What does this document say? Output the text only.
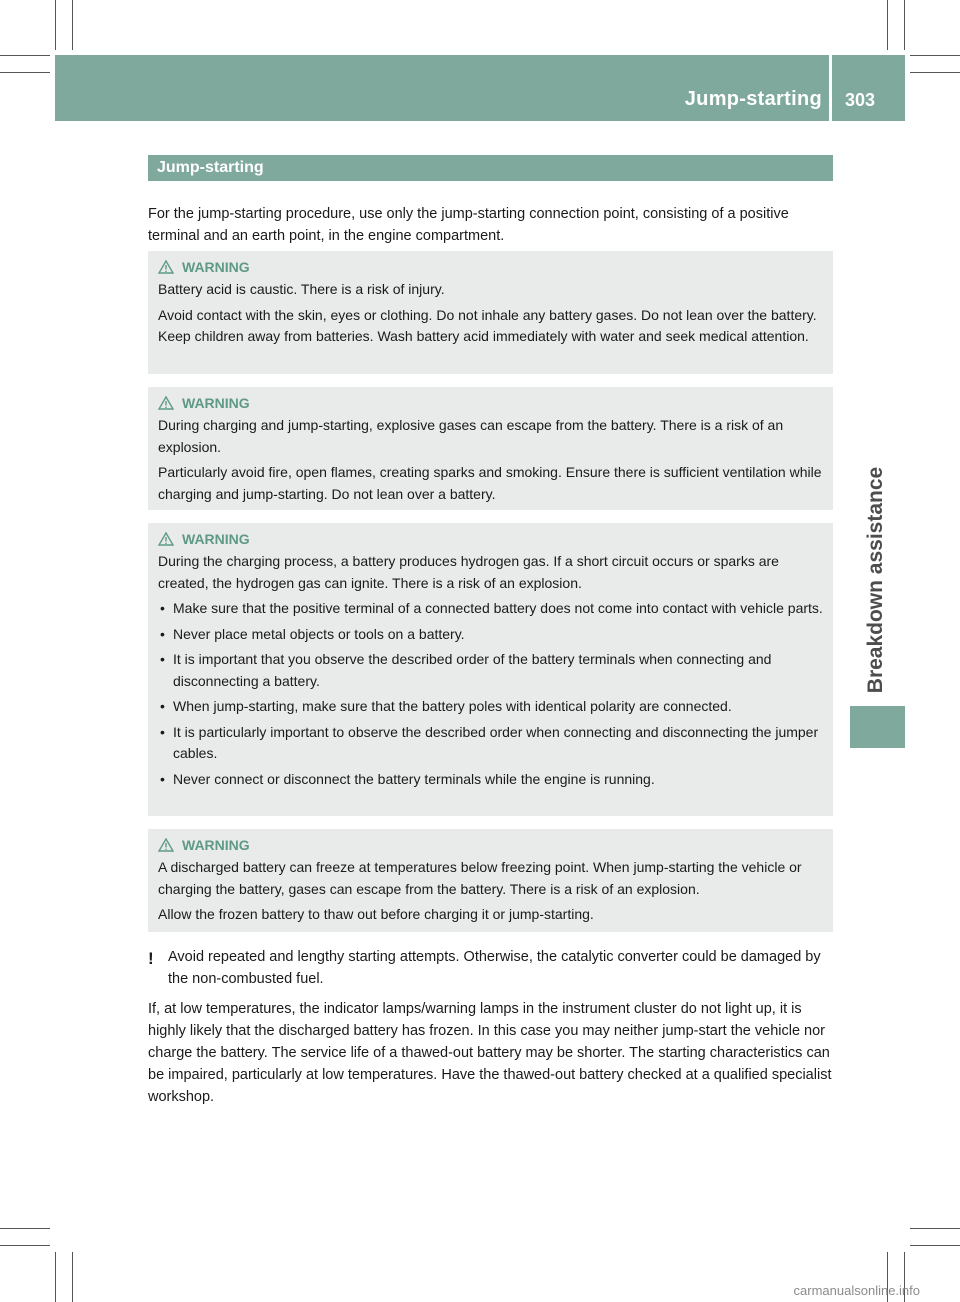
Jump-starting 303
Breakdown assistance
Jump-starting

For the jump-starting procedure, use only the jump-starting connection point, consisting of a positive terminal and an earth point, in the engine compartment.

WARNING

Battery acid is caustic. There is a risk of injury.

Avoid contact with the skin, eyes or clothing. Do not inhale any battery gases. Do not lean over the battery. Keep children away from batteries. Wash battery acid immediately with water and seek medical attention.

WARNING

During charging and jump-starting, explosive gases can escape from the battery. There is a risk of an explosion.

Particularly avoid fire, open flames, creating sparks and smoking. Ensure there is sufficient ventilation while charging and jump-starting. Do not lean over a battery.

WARNING

During the charging process, a battery produces hydrogen gas. If a short circuit occurs or sparks are created, the hydrogen gas can ignite. There is a risk of an explosion.

• Make sure that the positive terminal of a connected battery does not come into contact with vehicle parts.
• Never place metal objects or tools on a battery.
• It is important that you observe the described order of the battery terminals when connecting and disconnecting a battery.
• When jump-starting, make sure that the battery poles with identical polarity are connected.
• It is particularly important to observe the described order when connecting and disconnecting the jumper cables.
• Never connect or disconnect the battery terminals while the engine is running.
WARNING

A discharged battery can freeze at temperatures below freezing point. When jump-starting the vehicle or charging the battery, gases can escape from the battery. There is a risk of an explosion.

Allow the frozen battery to thaw out before charging it or jump-starting.

! Avoid repeated and lengthy starting attempts. Otherwise, the catalytic converter could be damaged by the non-combusted fuel.

If, at low temperatures, the indicator lamps/warning lamps in the instrument cluster do not light up, it is highly likely that the discharged battery has frozen. In this case you may neither jump-start the vehicle nor charge the battery. The service life of a thawed-out battery may be shorter. The starting characteristics can be impaired, particularly at low temperatures. Have the thawed-out battery checked at a qualified specialist workshop.

carmanualsonline.info
